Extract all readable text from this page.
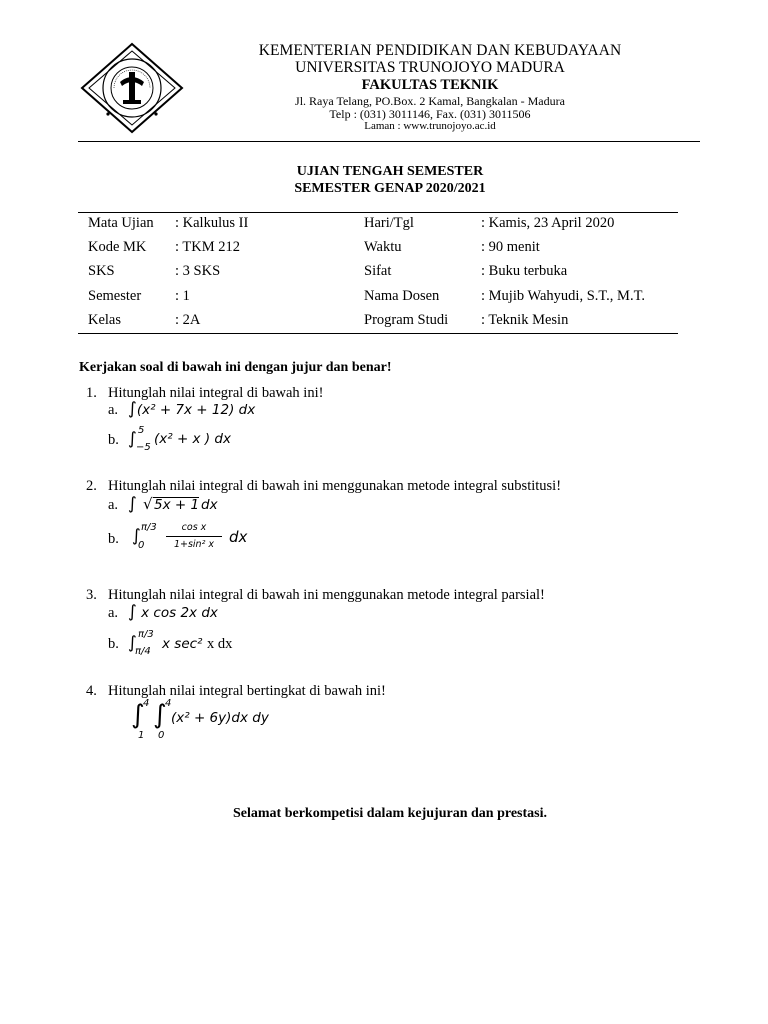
KEMENTERIAN PENDIDIKAN DAN KEBUDAYAAN
UNIVERSITAS TRUNOJOYO MADURA
FAKULTAS TEKNIK
Jl. Raya Telang, PO.Box. 2 Kamal, Bangkalan - Madura
Telp : (031) 3011146, Fax. (031) 3011506
Laman : www.trunojoyo.ac.id
UJIAN TENGAH SEMESTER
SEMESTER GENAP 2020/2021
Mata Ujian : Kalkulus II	Hari/Tgl	: Kamis, 23 April 2020
Kode MK : TKM 212	Waktu	: 90 menit
SKS	: 3 SKS	Sifat	: Buku terbuka
Semester : 1	Nama Dosen	: Mujib Wahyudi, S.T., M.T.
Kelas	: 2A	Program Studi : Teknik Mesin
Kerjakan soal di bawah ini dengan jujur dan benar!
1. Hitunglah nilai integral di bawah ini!
a. ∫(x² + 7x + 12) dx
b. ∫ 5
−5
(x² + x ) dx
2. Hitunglah nilai integral di bawah ini menggunakan metode integral substitusi!
a. ∫ √ 5x + 1 dx
b. ∫ π/3
0
cos x
1+sin² x dx
3. Hitunglah nilai integral di bawah ini menggunakan metode integral parsial!
a. ∫ x cos 2x dx
b. ∫ π/3
π/4 x sec² x dx
4. Hitunglah nilai integral bertingkat di bawah ini!
∫
4
1
∫
4
0
(x² + 6y)dx dy
Selamat berkompetisi dalam kejujuran dan prestasi.
